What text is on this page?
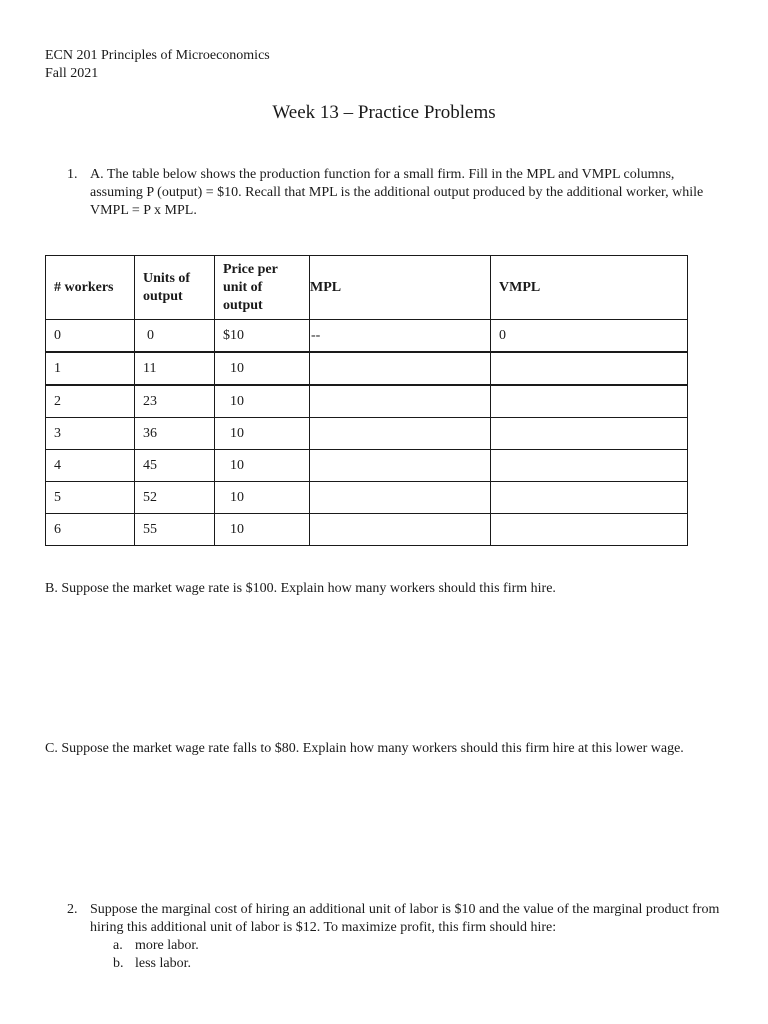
ECN 201 Principles of Microeconomics
Fall 2021
Week 13 – Practice Problems
1. A. The table below shows the production function for a small firm. Fill in the MPL and VMPL columns, assuming P (output) = $10. Recall that MPL is the additional output produced by the additional worker, while VMPL = P x MPL.
# workers	Units of output	Price per unit of output	MPL	VMPL
0	0	$10	--	0
1	11	10		
2	23	10		
3	36	10		
4	45	10		
5	52	10		
6	55	10		
B. Suppose the market wage rate is $100. Explain how many workers should this firm hire.
C. Suppose the market wage rate falls to $80. Explain how many workers should this firm hire at this lower wage.
2. Suppose the marginal cost of hiring an additional unit of labor is $10 and the value of the marginal product from hiring this additional unit of labor is $12. To maximize profit, this firm should hire:
a. more labor.
b. less labor.
